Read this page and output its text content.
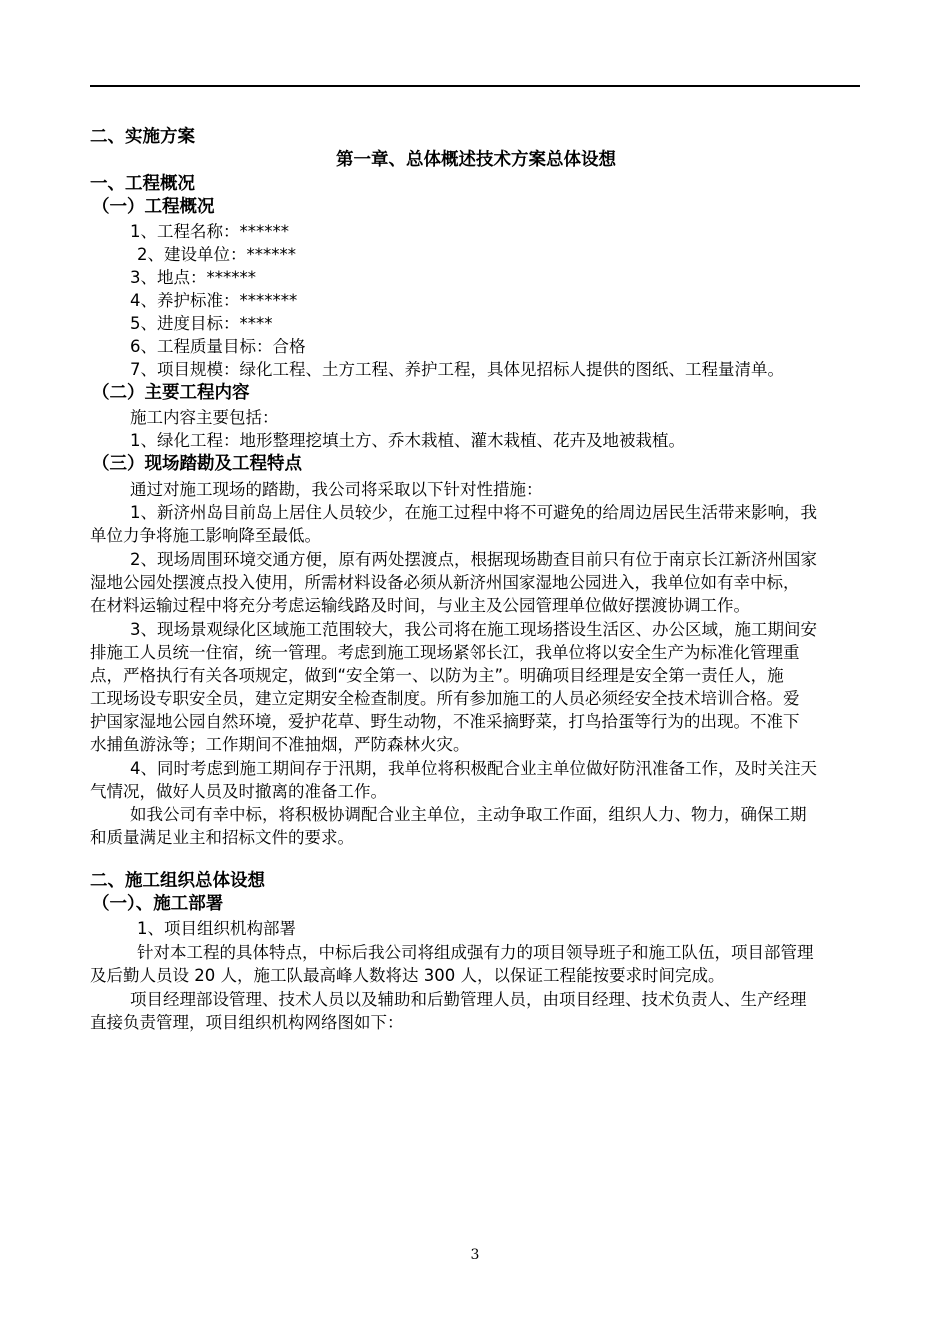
二、实施方案
第一章、总体概述技术方案总体设想
一、工程概况
（一）工程概况
1、工程名称：******
2、建设单位：******
3、地点：******
4、养护标准：*******
5、进度目标：****
6、工程质量目标：合格
7、项目规模：绿化工程、土方工程、养护工程，具体见招标人提供的图纸、工程量清单。
（二）主要工程内容
施工内容主要包括：
1、绿化工程：地形整理挖填土方、乔木栽植、灌木栽植、花卉及地被栽植。
（三）现场踏勘及工程特点
通过对施工现场的踏勘，我公司将采取以下针对性措施：
1、新济州岛目前岛上居住人员较少，在施工过程中将不可避免的给周边居民生活带来影响，我
单位力争将施工影响降至最低。
2、现场周围环境交通方便，原有两处摆渡点，根据现场勘查目前只有位于南京长江新济州国家
湿地公园处摆渡点投入使用，所需材料设备必须从新济州国家湿地公园进入，我单位如有幸中标，
在材料运输过程中将充分考虑运输线路及时间，与业主及公园管理单位做好摆渡协调工作。
3、现场景观绿化区域施工范围较大，我公司将在施工现场搭设生活区、办公区域，施工期间安
排施工人员统一住宿，统一管理。考虑到施工现场紧邻长江，我单位将以安全生产为标准化管理重
点，严格执行有关各项规定，做到“安全第一、以防为主”。明确项目经理是安全第一责任人，施
工现场设专职安全员，建立定期安全检查制度。所有参加施工的人员必须经安全技术培训合格。爱
护国家湿地公园自然环境，爱护花草、野生动物，不准采摘野菜，打鸟拾蛋等行为的出现。不准下
水捕鱼游泳等；工作期间不准抽烟，严防森林火灾。
4、同时考虑到施工期间存于汛期，我单位将积极配合业主单位做好防汛准备工作，及时关注天
气情况，做好人员及时撤离的准备工作。
如我公司有幸中标，将积极协调配合业主单位，主动争取工作面，组织人力、物力，确保工期
和质量满足业主和招标文件的要求。
二、施工组织总体设想
（一）、施工部署
1、项目组织机构部署
针对本工程的具体特点，中标后我公司将组成强有力的项目领导班子和施工队伍，项目部管理
及后勤人员设 20 人，施工队最高峰人数将达 300 人，以保证工程能按要求时间完成。
项目经理部设管理、技术人员以及辅助和后勤管理人员，由项目经理、技术负责人、生产经理
直接负责管理，项目组织机构网络图如下：
3
